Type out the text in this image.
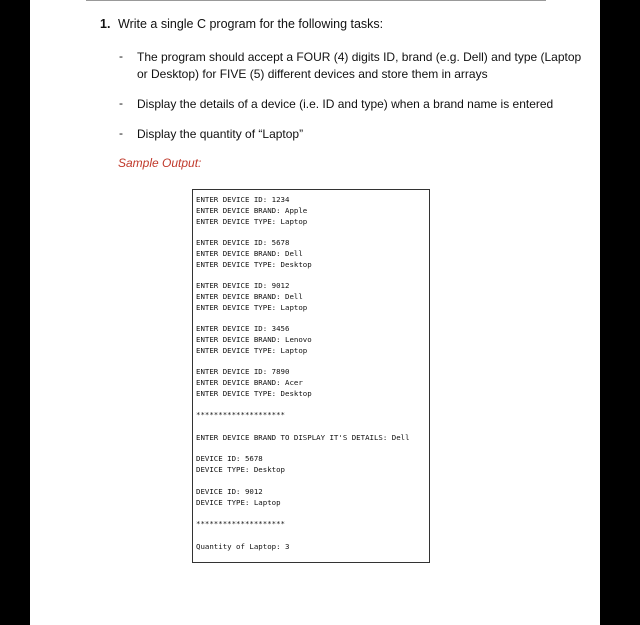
1. Write a single C program for the following tasks:
- The program should accept a FOUR (4) digits ID, brand (e.g. Dell) and type (Laptop
or Desktop) for FIVE (5) different devices and store them in arrays
- Display the details of a device (i.e. ID and type) when a brand name is entered
- Display the quantity of “Laptop”
Sample Output:
ENTER DEVICE ID: 1234
ENTER DEVICE BRAND: Apple
ENTER DEVICE TYPE: Laptop
ENTER DEVICE ID: 5678
ENTER DEVICE BRAND: Dell
ENTER DEVICE TYPE: Desktop
ENTER DEVICE ID: 9012
ENTER DEVICE BRAND: Dell
ENTER DEVICE TYPE: Laptop
ENTER DEVICE ID: 3456
ENTER DEVICE BRAND: Lenovo
ENTER DEVICE TYPE: Laptop
ENTER DEVICE ID: 7890
ENTER DEVICE BRAND: Acer
ENTER DEVICE TYPE: Desktop
********************
ENTER DEVICE BRAND TO DISPLAY IT'S DETAILS: Dell
DEVICE ID: 5678
DEVICE TYPE: Desktop
DEVICE ID: 9012
DEVICE TYPE: Laptop
********************
Quantity of Laptop: 3
